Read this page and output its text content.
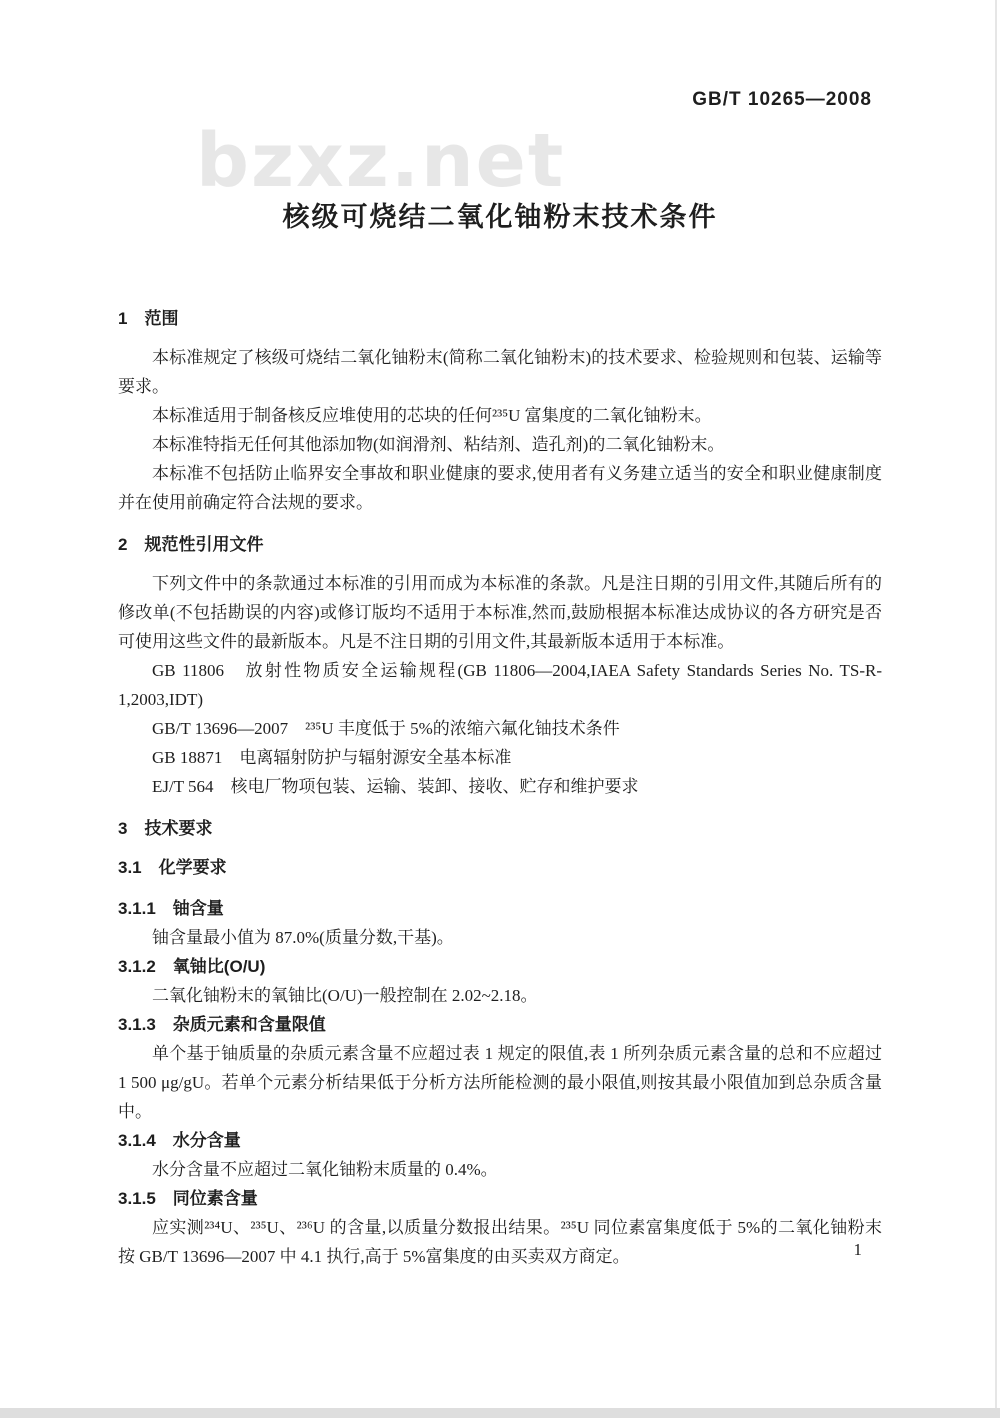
bzxz.net
GB/T 10265—2008
核级可烧结二氧化铀粉末技术条件
1　范围

本标准规定了核级可烧结二氧化铀粉末(简称二氧化铀粉末)的技术要求、检验规则和包装、运输等要求。

本标准适用于制备核反应堆使用的芯块的任何²³⁵U 富集度的二氧化铀粉末。

本标准特指无任何其他添加物(如润滑剂、粘结剂、造孔剂)的二氧化铀粉末。

本标准不包括防止临界安全事故和职业健康的要求,使用者有义务建立适当的安全和职业健康制度并在使用前确定符合法规的要求。

2　规范性引用文件

下列文件中的条款通过本标准的引用而成为本标准的条款。凡是注日期的引用文件,其随后所有的修改单(不包括勘误的内容)或修订版均不适用于本标准,然而,鼓励根据本标准达成协议的各方研究是否可使用这些文件的最新版本。凡是不注日期的引用文件,其最新版本适用于本标准。

GB 11806　放射性物质安全运输规程(GB 11806—2004,IAEA Safety Standards Series No. TS-R-1,2003,IDT)

GB/T 13696—2007　²³⁵U 丰度低于 5%的浓缩六氟化铀技术条件

GB 18871　电离辐射防护与辐射源安全基本标准

EJ/T 564　核电厂物项包装、运输、装卸、接收、贮存和维护要求

3　技术要求
3.1　化学要求
3.1.1　铀含量

铀含量最小值为 87.0%(质量分数,干基)。

3.1.2　氧铀比(O/U)

二氧化铀粉末的氧铀比(O/U)一般控制在 2.02~2.18。

3.1.3　杂质元素和含量限值

单个基于铀质量的杂质元素含量不应超过表 1 规定的限值,表 1 所列杂质元素含量的总和不应超过 1 500 μg/gU。若单个元素分析结果低于分析方法所能检测的最小限值,则按其最小限值加到总杂质含量中。

3.1.4　水分含量

水分含量不应超过二氧化铀粉末质量的 0.4%。

3.1.5　同位素含量

应实测²³⁴U、²³⁵U、²³⁶U 的含量,以质量分数报出结果。²³⁵U 同位素富集度低于 5%的二氧化铀粉末按 GB/T 13696—2007 中 4.1 执行,高于 5%富集度的由买卖双方商定。	1
